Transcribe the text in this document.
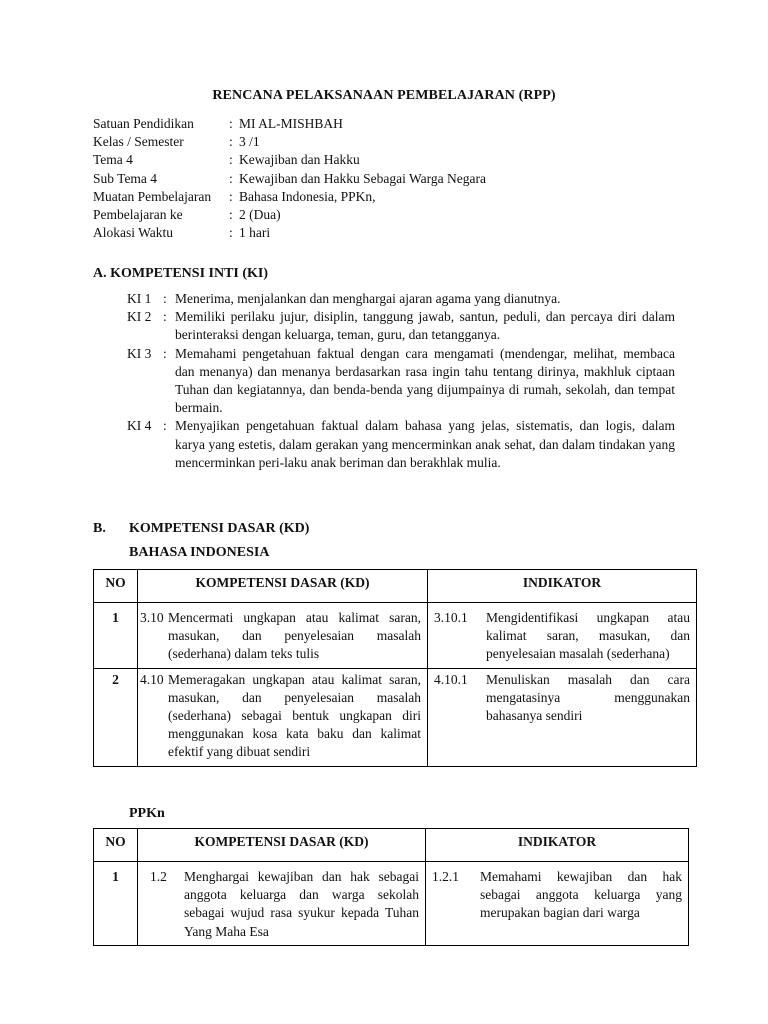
RENCANA PELAKSANAAN PEMBELAJARAN (RPP)
Satuan Pendidikan	: MI AL-MISHBAH
Kelas / Semester	: 3 /1
Tema 4	: Kewajiban dan Hakku
Sub Tema 4	: Kewajiban dan Hakku Sebagai Warga Negara
Muatan Pembelajaran	: Bahasa Indonesia, PPKn,
Pembelajaran ke	: 2 (Dua)
Alokasi Waktu	: 1 hari
A. KOMPETENSI INTI (KI)
KI 1 : Menerima, menjalankan dan menghargai ajaran agama yang dianutnya.
KI 2 : Memiliki perilaku jujur, disiplin, tanggung jawab, santun, peduli, dan percaya diri dalam berinteraksi dengan keluarga, teman, guru, dan tetangganya.
KI 3 : Memahami pengetahuan faktual dengan cara mengamati (mendengar, melihat, membaca dan menanya) dan menanya berdasarkan rasa ingin tahu tentang dirinya, makhluk ciptaan Tuhan dan kegiatannya, dan benda-benda yang dijumpainya di rumah, sekolah, dan tempat bermain.
KI 4 : Menyajikan pengetahuan faktual dalam bahasa yang jelas, sistematis, dan logis, dalam karya yang estetis, dalam gerakan yang mencerminkan anak sehat, dan dalam tindakan yang mencerminkan peri-laku anak beriman dan berakhlak mulia.
B. KOMPETENSI DASAR (KD)
BAHASA INDONESIA
NO	KOMPETENSI DASAR (KD)	INDIKATOR
1	3.10 Mencermati ungkapan atau kalimat saran, masukan, dan penyelesaian masalah (sederhana) dalam teks tulis	3.10.1 Mengidentifikasi ungkapan atau kalimat saran, masukan, dan penyelesaian masalah (sederhana)

2	4.10 Memeragakan ungkapan atau kalimat saran, masukan, dan penyelesaian masalah (sederhana) sebagai bentuk ungkapan diri menggunakan kosa kata baku dan kalimat efektif yang dibuat sendiri	4.10.1 Menuliskan masalah dan cara mengatasinya menggunakan bahasanya sendiri
PPKn
NO	KOMPETENSI DASAR (KD)	INDIKATOR
1	1.2 Menghargai kewajiban dan hak sebagai anggota keluarga dan warga sekolah sebagai wujud rasa syukur kepada Tuhan Yang Maha Esa	1.2.1 Memahami kewajiban dan hak sebagai anggota keluarga yang merupakan bagian dari warga
